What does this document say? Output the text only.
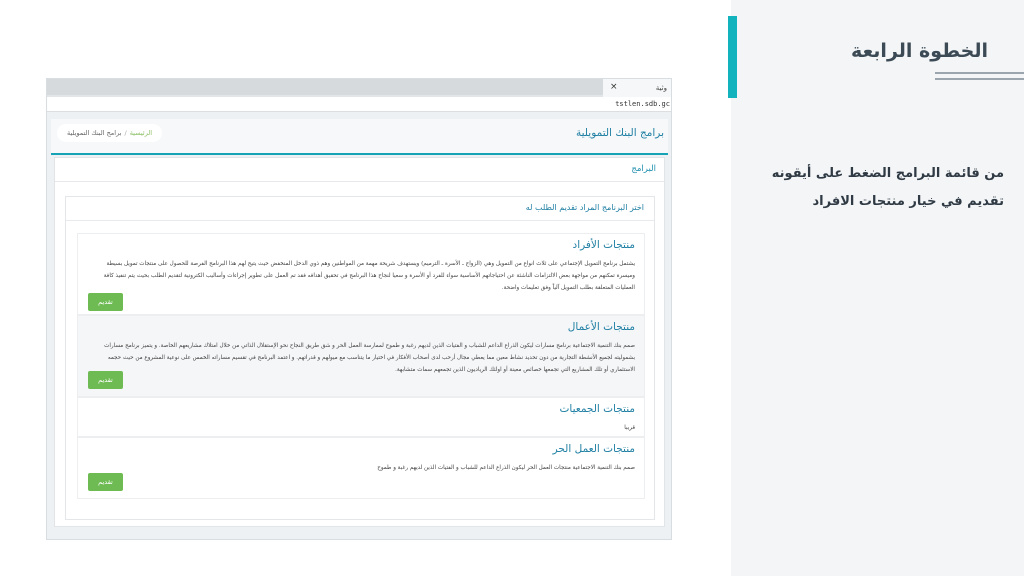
الخطوة الرابعة
من قائمة البرامج الضغط على أيقونه تقديم في خيار منتجات الافراد
وثية
×
tstlen.sdb.gc
برامج البنك التمويلية
الرئيسية/برامج البنك التمويلية
البرامج
اختر البرنامج المراد تقديم الطلب له
منتجات الأفراد
يشتمل برنامج التمويل الإجتماعي على ثلاث انواع من التمويل وهي (الزواج ـ الأسرة ـ الترميم) ويستهدف شريحة مهمة من المواطنين وهم ذوي الدخل المنخفض حيث يتيح لهم هذا البرنامج الفرصة للحصول على منتجات تمويل بسيطة وميسرة تمكنهم من مواجهة بعض الالتزامات الناشئة عن احتياجاتهم الأساسية سواء للفرد أو الأسرة و سعيا لنجاح هذا البرنامج في تحقيق أهدافه فقد تم العمل على تطوير إجراءات وأساليب الكترونية لتقديم الطلب بحيث يتم تنفيذ كافة العمليات المتعلقة بطلب التمويل آلياً وفق تعليمات واضحة.
تقديم
منتجات الأعمال
صمم بنك التنمية الاجتماعية برنامج مسارات ليكون الذراع الداعم للشباب و الفتيات الذين لديهم رغبة و طموح لممارسة العمل الحر و شق طريق النجاح نحو الإستقلال الذاتي من خلال امتلاك مشاريعهم الخاصة. و يتميز برنامج مسارات بشموليته لجميع الأنشطة التجارية من دون تحديد نشاط معين مما يعطي مجال أرحب لدى أصحاب الأفكار في اختيار ما يتناسب مع ميولهم و قدراتهم. و اعتمد البرنامج في تقسيم مساراته الخمس على نوعية المشروع من حيث حجمه الاستثماري أو تلك المشاريع التي تجمعها خصائص معينة أو اولئك الرياديون الذين تجمعهم سمات متشابهة.
تقديم
منتجات الجمعيات
قريبا
منتجات العمل الحر
صمم بنك التنمية الاجتماعية منتجات العمل الحر ليكون الذراع الداعم للشباب و الفتيات الذين لديهم رغبة و طموح
تقديم
